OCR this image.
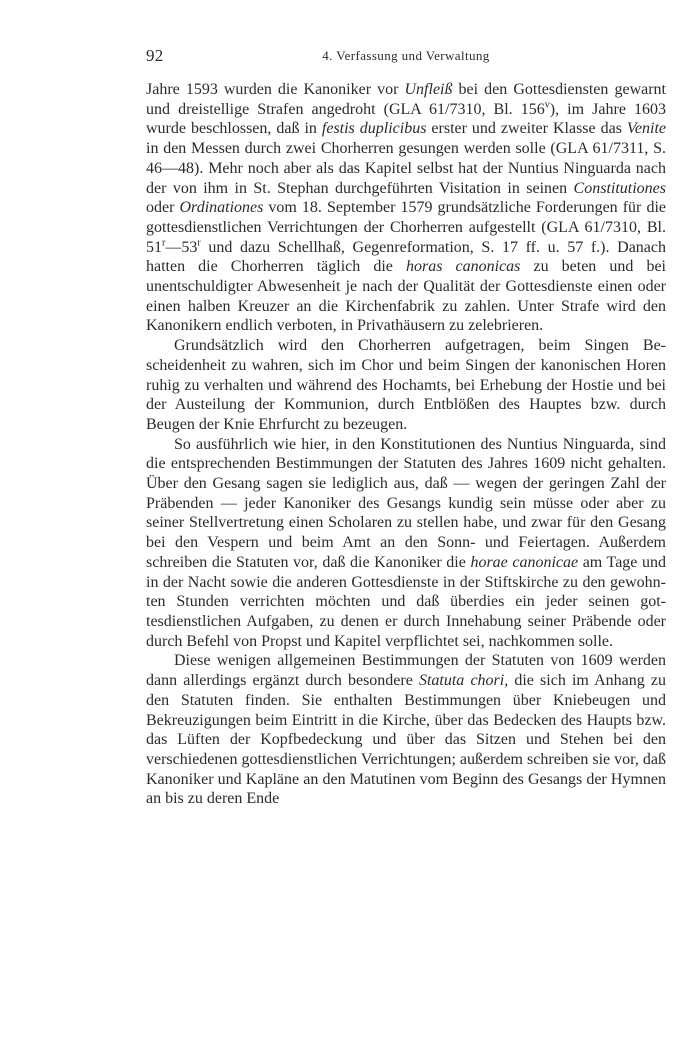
92	4. Verfassung und Verwaltung

Jahre 1593 wurden die Kanoniker vor Unfleiß bei den Gottesdiensten gewarnt und dreistellige Strafen angedroht (GLA 61/7310, Bl. 156$^v$), im Jahre 1603 wurde beschlossen, daß in festis duplicibus erster und zweiter Klasse das Venite in den Messen durch zwei Chorherren gesungen werden solle (GLA 61/7311, S. 46—48). Mehr noch aber als das Kapitel selbst hat der Nuntius Ninguarda nach der von ihm in St. Stephan durchgeführten Visitation in seinen Constitutiones oder Ordinationes vom 18. September 1579 grundsätzliche Forderungen für die gottesdienstlichen Verrichtungen der Chorherren aufgestellt (GLA 61/7310, Bl. 51$^r$—53$^r$ und dazu Schellhaß, Gegenreformation, S. 17 ff. u. 57 f.). Danach hatten die Chorherren täglich die horas canonicas zu beten und bei unentschuldigter Abwesenheit je nach der Qualität der Gottesdienste einen oder einen halben Kreuzer an die Kirchenfabrik zu zahlen. Unter Strafe wird den Kanonikern endlich verboten, in Privathäusern zu zelebrieren.

Grundsätzlich wird den Chorherren aufgetragen, beim Singen Bescheidenheit zu wahren, sich im Chor und beim Singen der kanonischen Horen ruhig zu verhalten und während des Hochamts, bei Erhebung der Hostie und bei der Austeilung der Kommunion, durch Entblößen des Hauptes bzw. durch Beugen der Knie Ehrfurcht zu bezeugen.

So ausführlich wie hier, in den Konstitutionen des Nuntius Ninguarda, sind die entsprechenden Bestimmungen der Statuten des Jahres 1609 nicht gehalten. Über den Gesang sagen sie lediglich aus, daß — wegen der geringen Zahl der Präbenden — jeder Kanoniker des Gesangs kundig sein müsse oder aber zu seiner Stellvertretung einen Scholaren zu stellen habe, und zwar für den Gesang bei den Vespern und beim Amt an den Sonn- und Feiertagen. Außerdem schreiben die Statuten vor, daß die Kanoniker die horae canonicae am Tage und in der Nacht sowie die anderen Gottesdienste in der Stiftskirche zu den gewohnten Stunden verrichten möchten und daß überdies ein jeder seinen gottesdienstlichen Aufgaben, zu denen er durch Innehabung seiner Präbende oder durch Befehl von Propst und Kapitel verpflichtet sei, nachkommen solle.

Diese wenigen allgemeinen Bestimmungen der Statuten von 1609 werden dann allerdings ergänzt durch besondere Statuta chori, die sich im Anhang zu den Statuten finden. Sie enthalten Bestimmungen über Kniebeugen und Bekreuzigungen beim Eintritt in die Kirche, über das Bedecken des Haupts bzw. das Lüften der Kopfbedeckung und über das Sitzen und Stehen bei den verschiedenen gottesdienstlichen Verrichtungen; außerdem schreiben sie vor, daß Kanoniker und Kapläne an den Matutinen vom Beginn des Gesangs der Hymnen an bis zu deren Ende
